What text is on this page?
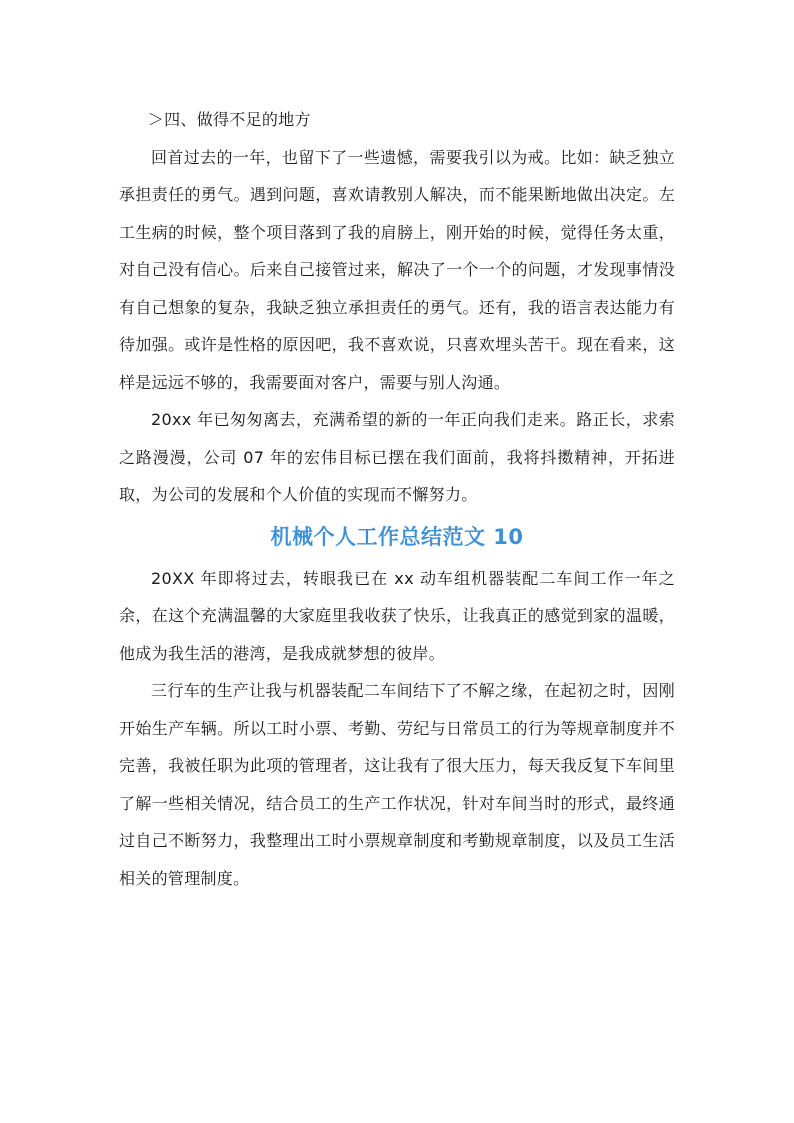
＞四、做得不足的地方

回首过去的一年，也留下了一些遗憾，需要我引以为戒。比如：缺乏独立承担责任的勇气。遇到问题，喜欢请教别人解决，而不能果断地做出决定。左工生病的时候，整个项目落到了我的肩膀上，刚开始的时候，觉得任务太重，对自己没有信心。后来自己接管过来，解决了一个一个的问题，才发现事情没有自己想象的复杂，我缺乏独立承担责任的勇气。还有，我的语言表达能力有待加强。或许是性格的原因吧，我不喜欢说，只喜欢埋头苦干。现在看来，这样是远远不够的，我需要面对客户，需要与别人沟通。

20xx 年已匆匆离去，充满希望的新的一年正向我们走来。路正长，求索之路漫漫，公司 07 年的宏伟目标已摆在我们面前，我将抖擞精神，开拓进取，为公司的发展和个人价值的实现而不懈努力。

机械个人工作总结范文 10

20XX 年即将过去，转眼我已在 xx 动车组机器装配二车间工作一年之余，在这个充满温馨的大家庭里我收获了快乐，让我真正的感觉到家的温暖，他成为我生活的港湾，是我成就梦想的彼岸。

三行车的生产让我与机器装配二车间结下了不解之缘，在起初之时，因刚开始生产车辆。所以工时小票、考勤、劳纪与日常员工的行为等规章制度并不完善，我被任职为此项的管理者，这让我有了很大压力，每天我反复下车间里了解一些相关情况，结合员工的生产工作状况，针对车间当时的形式，最终通过自己不断努力，我整理出工时小票规章制度和考勤规章制度，以及员工生活相关的管理制度。
